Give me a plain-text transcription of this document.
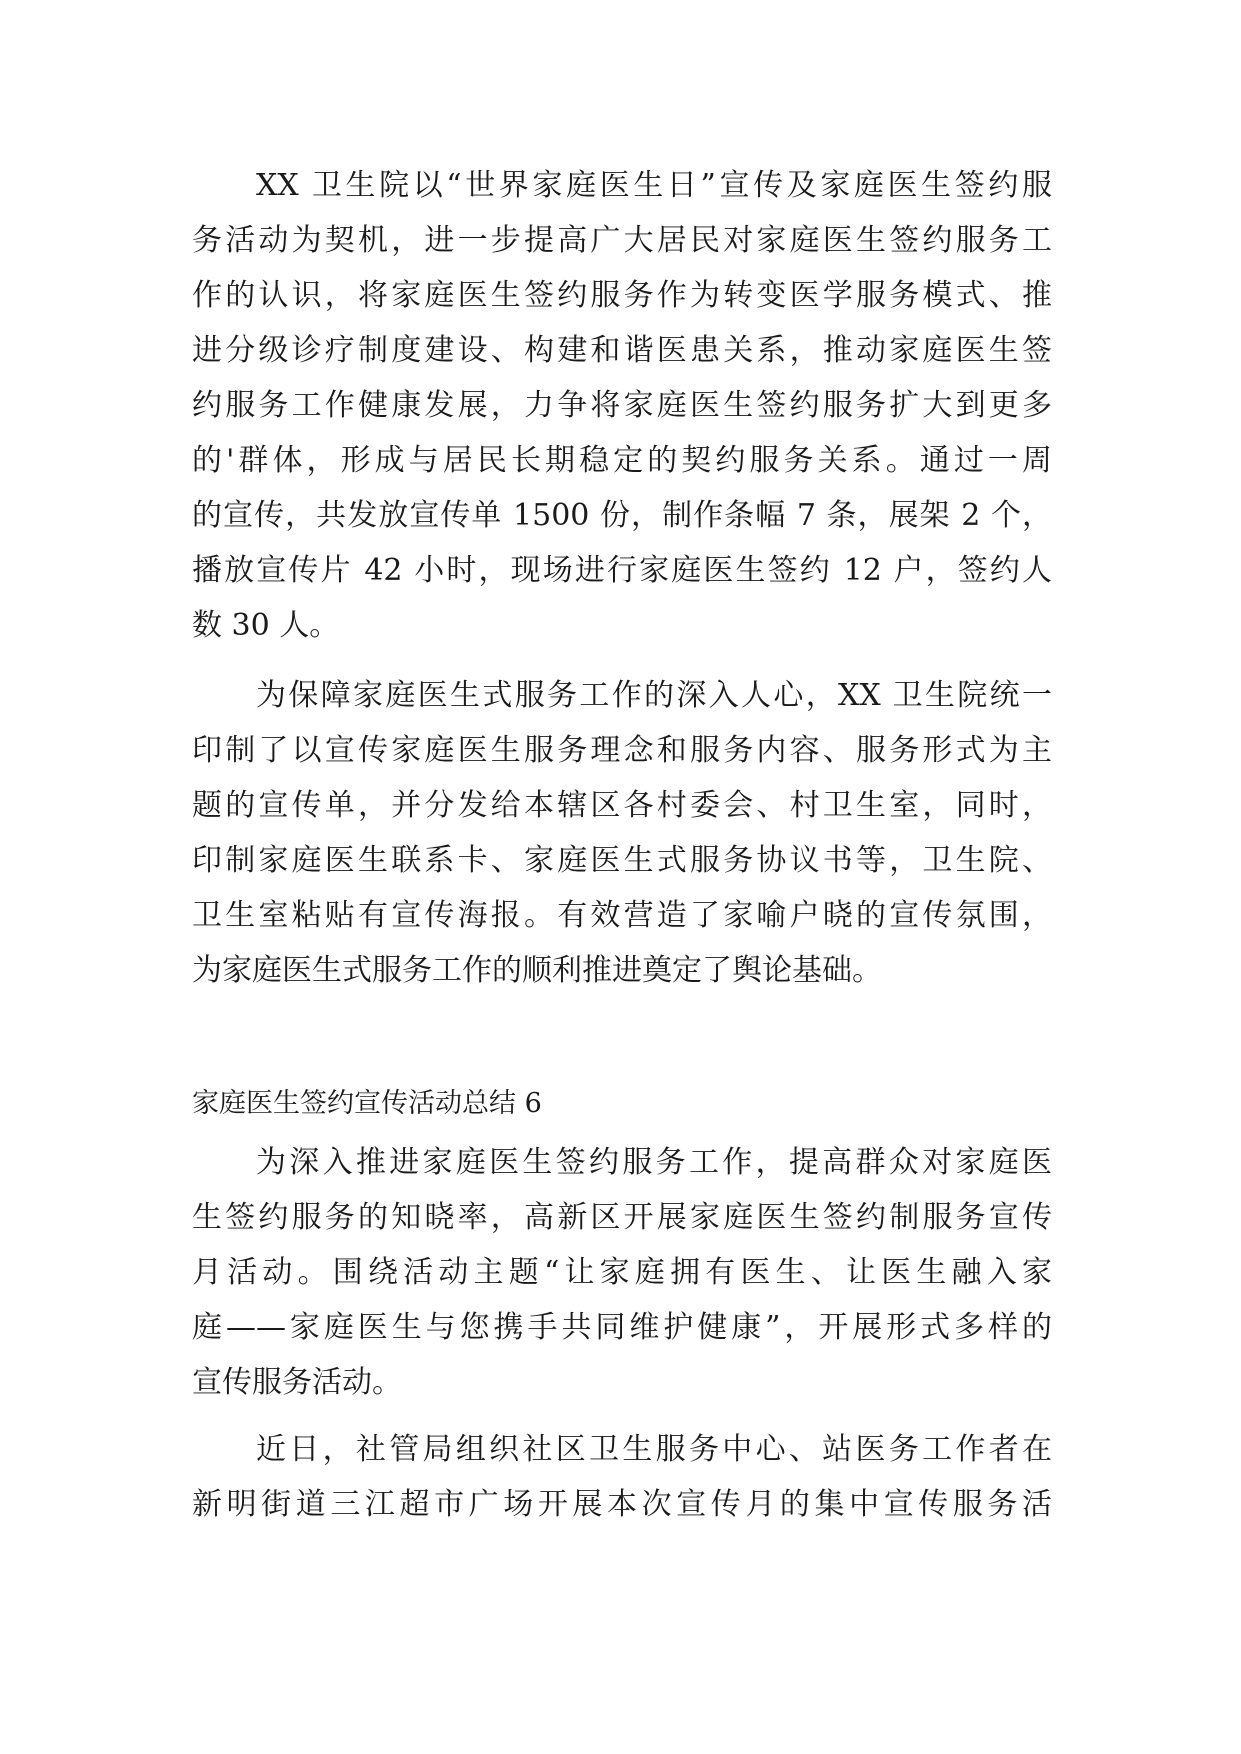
XX 卫生院以“世界家庭医生日”宣传及家庭医生签约服
务活动为契机，进一步提高广大居民对家庭医生签约服务工
作的认识，将家庭医生签约服务作为转变医学服务模式、推
进分级诊疗制度建设、构建和谐医患关系，推动家庭医生签
约服务工作健康发展，力争将家庭医生签约服务扩大到更多
的'群体，形成与居民长期稳定的契约服务关系。通过一周
的宣传，共发放宣传单 1500 份，制作条幅 7 条，展架 2 个，
播放宣传片 42 小时，现场进行家庭医生签约 12 户，签约人
数 30 人。
为保障家庭医生式服务工作的深入人心，XX 卫生院统一
印制了以宣传家庭医生服务理念和服务内容、服务形式为主
题的宣传单，并分发给本辖区各村委会、村卫生室，同时，
印制家庭医生联系卡、家庭医生式服务协议书等，卫生院、
卫生室粘贴有宣传海报。有效营造了家喻户晓的宣传氛围，
为家庭医生式服务工作的顺利推进奠定了舆论基础。
家庭医生签约宣传活动总结 6
为深入推进家庭医生签约服务工作，提高群众对家庭医
生签约服务的知晓率，高新区开展家庭医生签约制服务宣传
月活动。围绕活动主题“让家庭拥有医生、让医生融入家
庭——家庭医生与您携手共同维护健康”，开展形式多样的
宣传服务活动。
近日，社管局组织社区卫生服务中心、站医务工作者在
新明街道三江超市广场开展本次宣传月的集中宣传服务活
